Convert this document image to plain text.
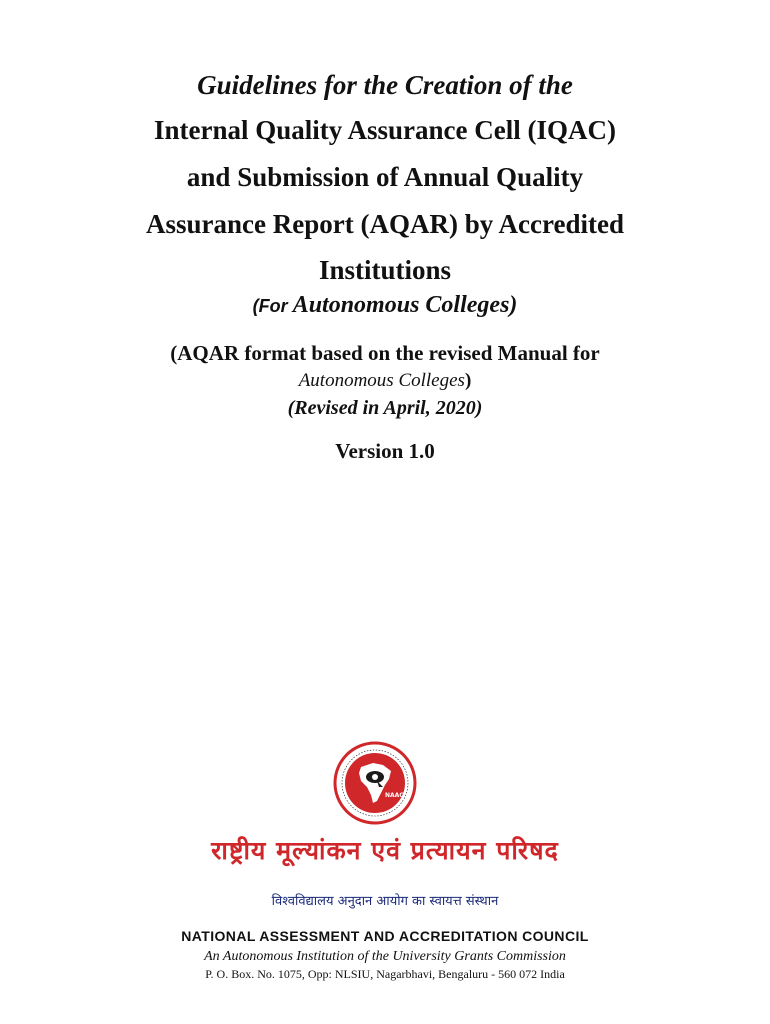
Guidelines for the Creation of the
Internal Quality Assurance Cell (IQAC)
and Submission of Annual Quality
Assurance Report (AQAR) by Accredited
Institutions
(For Autonomous Colleges)
(AQAR format based on the revised Manual for
Autonomous Colleges)
(Revised in April, 2020)
Version 1.0
NAAC
राष्ट्रीय मूल्यांकन एवं प्रत्यायन परिषद
विश्वविद्यालय अनुदान आयोग का स्वायत्त संस्थान
NATIONAL ASSESSMENT AND ACCREDITATION COUNCIL
An Autonomous Institution of the University Grants Commission
P. O. Box. No. 1075, Opp: NLSIU, Nagarbhavi, Bengaluru - 560 072 India
